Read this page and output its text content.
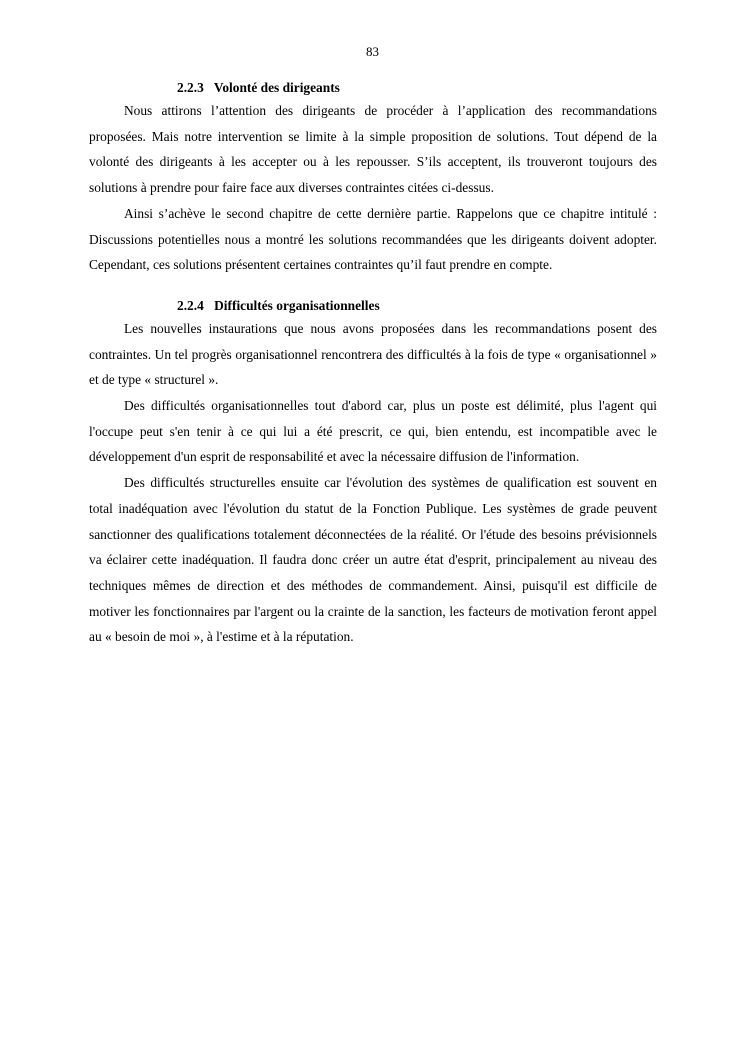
83
2.2.3 Volonté des dirigeants

Nous attirons l’attention des dirigeants de procéder à l’application des recommandations proposées. Mais notre intervention se limite à la simple proposition de solutions. Tout dépend de la volonté des dirigeants à les accepter ou à les repousser. S’ils acceptent, ils trouveront toujours des solutions à prendre pour faire face aux diverses contraintes citées ci-dessus.

Ainsi s’achève le second chapitre de cette dernière partie. Rappelons que ce chapitre intitulé : Discussions potentielles nous a montré les solutions recommandées que les dirigeants doivent adopter. Cependant, ces solutions présentent certaines contraintes qu’il faut prendre en compte.

2.2.4 Difficultés organisationnelles

Les nouvelles instaurations que nous avons proposées dans les recommandations posent des contraintes. Un tel progrès organisationnel rencontrera des difficultés à la fois de type « organisationnel » et de type « structurel ».

Des difficultés organisationnelles tout d'abord car, plus un poste est délimité, plus l'agent qui l'occupe peut s'en tenir à ce qui lui a été prescrit, ce qui, bien entendu, est incompatible avec le développement d'un esprit de responsabilité et avec la nécessaire diffusion de l'information.

Des difficultés structurelles ensuite car l'évolution des systèmes de qualification est souvent en total inadéquation avec l'évolution du statut de la Fonction Publique. Les systèmes de grade peuvent sanctionner des qualifications totalement déconnectées de la réalité. Or l'étude des besoins prévisionnels va éclairer cette inadéquation. Il faudra donc créer un autre état d'esprit, principalement au niveau des techniques mêmes de direction et des méthodes de commandement. Ainsi, puisqu'il est difficile de motiver les fonctionnaires par l'argent ou la crainte de la sanction, les facteurs de motivation feront appel au « besoin de moi », à l'estime et à la réputation.
